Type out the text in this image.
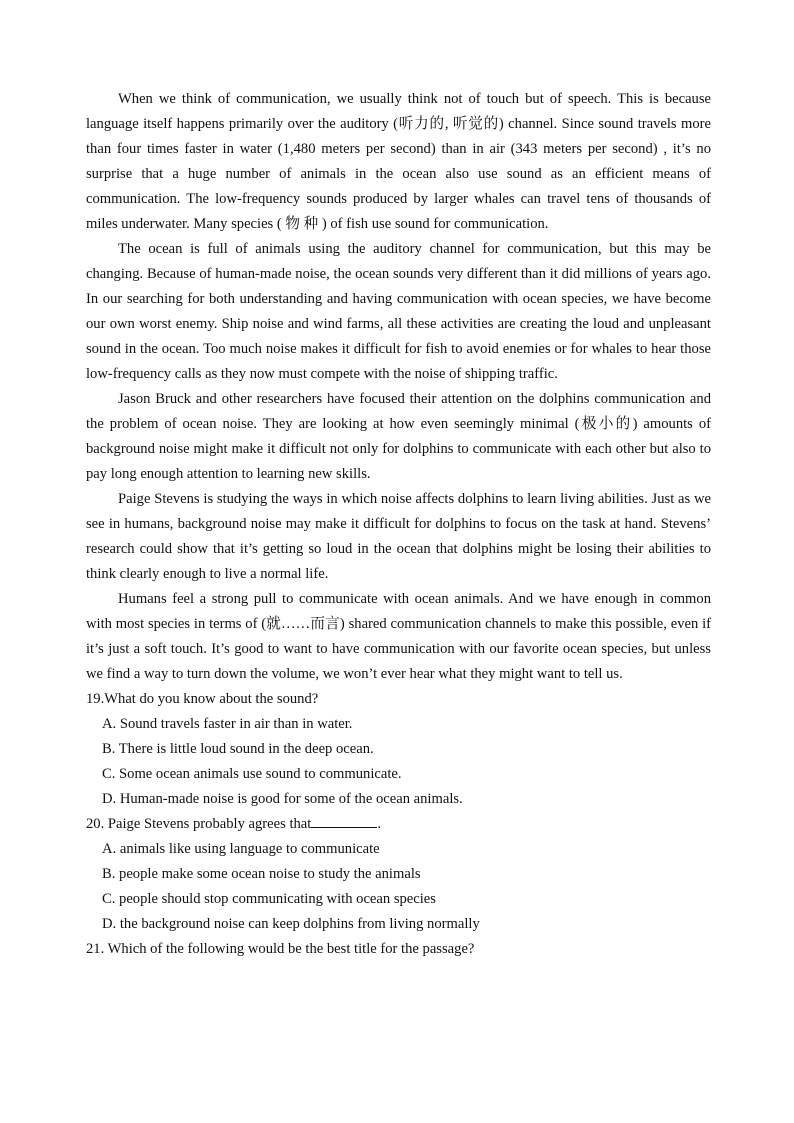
When we think of communication, we usually think not of touch but of speech. This is because language itself happens primarily over the auditory (听力的, 听觉的) channel. Since sound travels more than four times faster in water (1,480 meters per second) than in air (343 meters per second) , it’s no surprise that a huge number of animals in the ocean also use sound as an efficient means of communication. The low-frequency sounds produced by larger whales can travel tens of thousands of miles underwater. Many species ( 物 种 ) of fish use sound for communication.

The ocean is full of animals using the auditory channel for communication, but this may be changing. Because of human-made noise, the ocean sounds very different than it did millions of years ago. In our searching for both understanding and having communication with ocean species, we have become our own worst enemy. Ship noise and wind farms, all these activities are creating the loud and unpleasant sound in the ocean. Too much noise makes it difficult for fish to avoid enemies or for whales to hear those low-frequency calls as they now must compete with the noise of shipping traffic.

Jason Bruck and other researchers have focused their attention on the dolphins communication and the problem of ocean noise. They are looking at how even seemingly minimal (极小的) amounts of background noise might make it difficult not only for dolphins to communicate with each other but also to pay long enough attention to learning new skills.

Paige Stevens is studying the ways in which noise affects dolphins to learn living abilities. Just as we see in humans, background noise may make it difficult for dolphins to focus on the task at hand. Stevens’ research could show that it’s getting so loud in the ocean that dolphins might be losing their abilities to think clearly enough to live a normal life.

Humans feel a strong pull to communicate with ocean animals. And we have enough in common with most species in terms of (就……而言) shared communication channels to make this possible, even if it’s just a soft touch. It’s good to want to have communication with our favorite ocean species, but unless we find a way to turn down the volume, we won’t ever hear what they might want to tell us.

19.What do you know about the sound?

A. Sound travels faster in air than in water.

B. There is little loud sound in the deep ocean.

C. Some ocean animals use sound to communicate.

D. Human-made noise is good for some of the ocean animals.

20. Paige Stevens probably agrees that	.

A. animals like using language to communicate

B. people make some ocean noise to study the animals

C. people should stop communicating with ocean species

D. the background noise can keep dolphins from living normally

21. Which of the following would be the best title for the passage?
